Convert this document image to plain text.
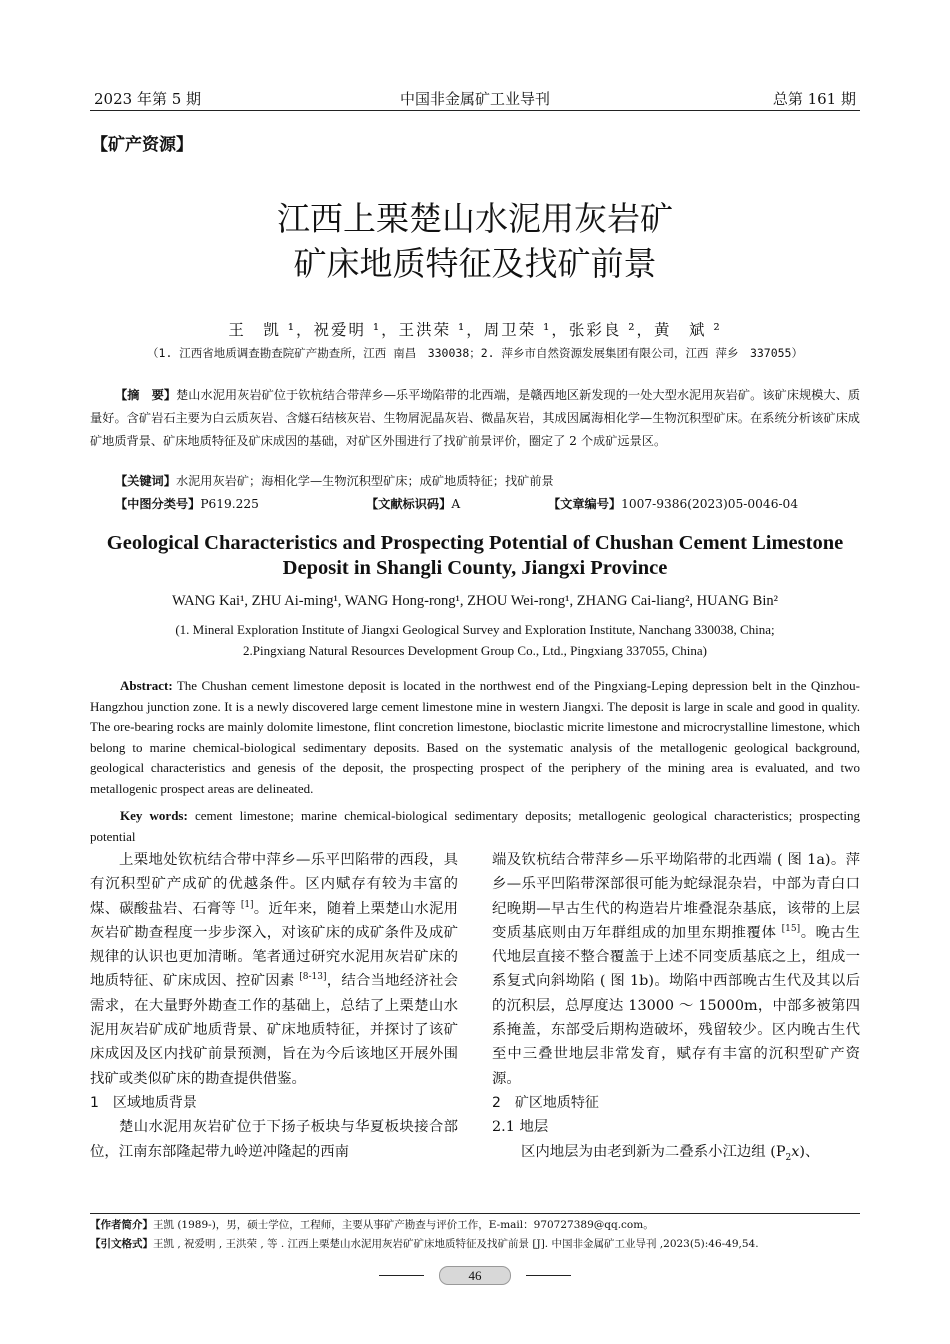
2023 年第 5 期	中国非金属矿工业导刊	总第 161 期
【矿产资源】
江西上栗楚山水泥用灰岩矿
矿床地质特征及找矿前景
王　凯 ¹，祝爱明 ¹，王洪荣 ¹，周卫荣 ¹，张彩良 ²，黄　斌 ²
（1. 江西省地质调查勘查院矿产勘查所，江西 南昌　330038；2. 萍乡市自然资源发展集团有限公司，江西 萍乡　337055）
【摘　要】楚山水泥用灰岩矿位于钦杭结合带萍乡—乐平坳陷带的北西端，是赣西地区新发现的一处大型水泥用灰岩矿。该矿床规模大、质量好。含矿岩石主要为白云质灰岩、含燧石结核灰岩、生物屑泥晶灰岩、微晶灰岩，其成因属海相化学—生物沉积型矿床。在系统分析该矿床成矿地质背景、矿床地质特征及矿床成因的基础，对矿区外围进行了找矿前景评价，圈定了 2 个成矿远景区。
【关键词】水泥用灰岩矿；海相化学—生物沉积型矿床；成矿地质特征；找矿前景
【中图分类号】P619.225	【文献标识码】A	【文章编号】1007-9386(2023)05-0046-04
Geological Characteristics and Prospecting Potential of Chushan Cement Limestone
Deposit in Shangli County, Jiangxi Province
WANG Kai¹, ZHU Ai-ming¹, WANG Hong-rong¹, ZHOU Wei-rong¹, ZHANG Cai-liang², HUANG Bin²
(1. Mineral Exploration Institute of Jiangxi Geological Survey and Exploration Institute, Nanchang 330038, China;
2.Pingxiang Natural Resources Development Group Co., Ltd., Pingxiang 337055, China)
Abstract: The Chushan cement limestone deposit is located in the northwest end of the Pingxiang-Leping depression belt in the Qinzhou-Hangzhou junction zone. It is a newly discovered large cement limestone mine in western Jiangxi. The deposit is large in scale and good in quality. The ore-bearing rocks are mainly dolomite limestone, flint concretion limestone, bioclastic micrite limestone and microcrystalline limestone, which belong to marine chemical-biological sedimentary deposits. Based on the systematic analysis of the metallogenic geological background, geological characteristics and genesis of the deposit, the prospecting prospect of the periphery of the mining area is evaluated, and two metallogenic prospect areas are delineated.
Key words: cement limestone; marine chemical-biological sedimentary deposits; metallogenic geological characteristics; prospecting potential

上栗地处钦杭结合带中萍乡—乐平凹陷带的西段，具有沉积型矿产成矿的优越条件。区内赋存有较为丰富的煤、碳酸盐岩、石膏等 [1]。近年来，随着上栗楚山水泥用灰岩矿勘查程度一步步深入，对该矿床的成矿条件及成矿规律的认识也更加清晰。笔者通过研究水泥用灰岩矿床的地质特征、矿床成因、控矿因素 [8-13]，结合当地经济社会需求，在大量野外勘查工作的基础上，总结了上栗楚山水泥用灰岩矿成矿地质背景、矿床地质特征，并探讨了该矿床成因及区内找矿前景预测，旨在为今后该地区开展外围找矿或类似矿床的勘查提供借鉴。

1　区域地质背景

楚山水泥用灰岩矿位于下扬子板块与华夏板块接合部位，江南东部隆起带九岭逆冲隆起的西南

端及钦杭结合带萍乡—乐平坳陷带的北西端 ( 图 1a)。萍乡—乐平凹陷带深部很可能为蛇绿混杂岩，中部为青白口纪晚期—早古生代的构造岩片堆叠混杂基底，该带的上层变质基底则由万年群组成的加里东期推覆体 [15]。晚古生代地层直接不整合覆盖于上述不同变质基底之上，组成一系复式向斜坳陷 ( 图 1b)。坳陷中西部晚古生代及其以后的沉积层，总厚度达 13000 ～ 15000m，中部多被第四系掩盖，东部受后期构造破坏，残留较少。区内晚古生代至中三叠世地层非常发育，赋存有丰富的沉积型矿产资源。

2　矿区地质特征

2.1 地层

区内地层为由老到新为二叠系小江边组 $(P_2x)$、

【作者简介】王凯 (1989-)，男，硕士学位，工程师，主要从事矿产勘查与评价工作，E-mail：970727389@qq.com。
【引文格式】王凯 , 祝爱明 , 王洪荣 , 等 . 江西上栗楚山水泥用灰岩矿矿床地质特征及找矿前景 [J]. 中国非金属矿工业导刊 ,2023(5):46-49,54.
46
